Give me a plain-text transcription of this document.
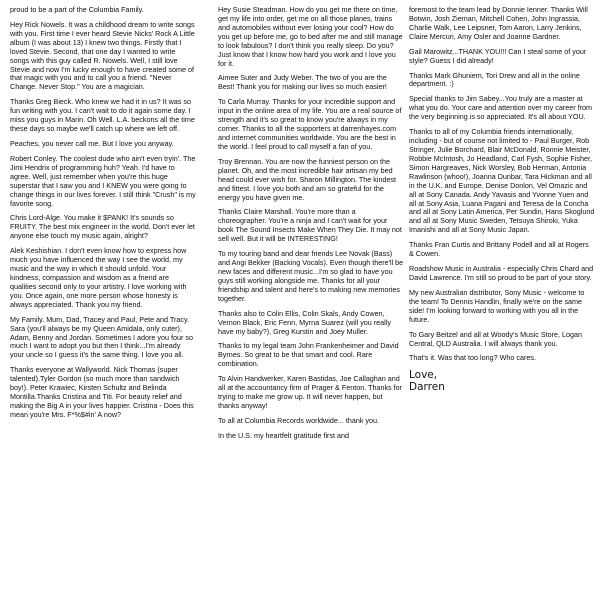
proud to be a part of the Columbia Family.

Hey Rick Nowels. It was a childhood dream to write songs with you. First time I ever heard Stevie Nicks' Rock A Little album (I was about 13) I knew two things. Firstly that I loved Stevie. Second, that one day I wanted to write songs with this guy called R. Nowels. Well, I still love Stevie and now I'm lucky enough to have created some of that magic with you and to call you a friend. "Never Change. Never Stop." You are a magician.

Thanks Greg Bieck. Who knew we had it in us? It was so fun writing with you. I can't wait to do it again some day. I miss you guys in Marin. Oh Well. L.A. beckons all the time these days so maybe we'll catch up where we left off.

Peaches, you never call me. But I love you anyway.

Robert Conley. The coolest dude who ain't even tryin'. The Jimi Hendrix of programming huh? Yeah. I'd have to agree. Well, just remember when you're this huge superstar that I saw you and I KNEW you were going to change things in our lives forever. I still think "Crush" is my favorite song.

Chris Lord-Alge. You make it $PANK! It's sounds so FRUITY. The best mix engineer in the world. Don't ever let anyone else touch my music again, alright?

Alek Keshishian. I don't even know how to express how much you have influenced the way I see the world, my music and the way in which it should unfold. Your kindness, compassion and wisdom as a friend are qualities second only to your artistry. I love working with you. Once again, one more person whose honesty is always appreciated. Thank you my friend.

My Family. Mum, Dad, Tracey and Paul, Pete and Tracy. Sara (you'll always be my Queen Amidala, only cuter), Adam, Benny and Jordan. Sometimes I adore you four so much I want to adopt you but then I think...I'm already your uncle so I guess it's the same thing. I love you all.

Thanks everyone at Wallyworld. Nick Thomas (super talented).Tyler Gordon (so much more than sandwich boy!). Peter Krawiec, Kirsten Schultz and Belinda Montilla.Thanks Cristina and Titi. For beauty relief and making the Big A in your lives happier. Cristina - Does this mean you're Mrs. F*%$#in' A now?

Hey Susie Steadman. How do you get me there on time, get my life into order, get me on all those planes, trains and automobiles without ever losing your cool? How do you get up before me, go to bed after me and still manage to look fabulous? I don't think you really sleep. Do you? Just know that I know how hard you work and I love you for it.

Aimee Suter and Judy Weber. The two of you are the Best! Thank you for making our lives so much easier!

To Carla Murray. Thanks for your incredible support and input in the online area of my life. You are a real source of strength and it's so great to know you're always in my corner. Thanks to all the supporters at darrenhayes.com and internet communities worldwide. You are the best in the world. I feel proud to call myself a fan of you.

Troy Brennan. You are now the funniest person on the planet. Oh, and the most incredible hair artisan my bed head could ever wish for. Sharon Millington. The kindest and fittest. I love you both and am so grateful for the energy you have given me.

Thanks Claire Marshall. You're more than a choreographer. You're a ninja and I can't wait for your book The Sound Insects Make When They Die. It may not sell well. But it will be INTERESTING!

To my touring band and dear friends Lee Novak (Bass) and Angi Bekker (Backing Vocals). Even though there'll be new faces and different music...I'm so glad to have you guys still working alongside me. Thanks for all your friendship and talent and here's to making new memories together.

Thanks also to Colin Ellis, Colin Skals, Andy Cowen, Vernon Black, Eric Fenn, Myrna Suarez (will you really have my baby?), Greg Kurstin and Joey Muller.

Thanks to my legal team John Frankenheimer and David Byrnes. So great to be that smart and cool. Rare combination.

To Alvin Handwerker, Karen Bastidas, Joe Callaghan and all at the accountancy firm of Prager & Fenton. Thanks for trying to make me grow up. It will never happen, but thanks anyway!

To all at Columbia Records worldwide... thank you.

In the U.S. my heartfelt gratitude first and

foremost to the team lead by Donnie Ienner. Thanks Will Botwin, Josh Zieman, Mitchell Cohen, John Ingrassia, Charlie Walk, Lee Leipsner, Tom Aaron, Larry Jenkins, Claire Mercuri, Amy Osler and Joanne Gardner.

Gail Marowitz...THANK YOU!!! Can I steal some of your style? Guess I did already!

Thanks Mark Ghuniem, Tori Drew and all in the online department. :)

Special thanks to Jim Sabey...You truly are a master at what you do. Your care and attention over my career from the very beginning is so appreciated. It's all about YOU.

Thanks to all of my Columbia friends internationally, including - but of course not limited to - Paul Burger, Rob Stringer, Julie Borchard, Blair McDonald, Ronnie Meister, Robbie McIntosh, Jo Headland, Carl Fysh, Sophie Fisher, Simon Hargreaves, Nick Worsley, Bob Herman, Antonia Rawlinson (whoo!), Joanna Dunbar, Tara Hickman and all in the U.K. and Europe. Denise Donlon, Vel Omazic and all at Sony Canada. Andy Yavasis and Yvonne Yuen and all at Sony Asia, Luana Pagani and Teresa de la Concha and all at Sony Latin America, Per Sundin, Hans Skoglund and all at Sony Music Sweden, Tetsuya Shiroki, Yuka Imanishi and all at Sony Music Japan.

Thanks Fran Curtis and Brittany Podell and all at Rogers & Cowen.

Roadshow Music in Australia - especially Chris Chard and David Lawrence. I'm still so proud to be part of your story.

My new Australian distributor, Sony Music - welcome to the team! To Dennis Handlin, finally we're on the same side! I'm looking forward to working with you all in the future.

To Gary Beitzel and all at Woody's Music Store, Logan Central, QLD Australia. I will always thank you.

That's it. Was that too long? Who cares.

Love,
Darren
